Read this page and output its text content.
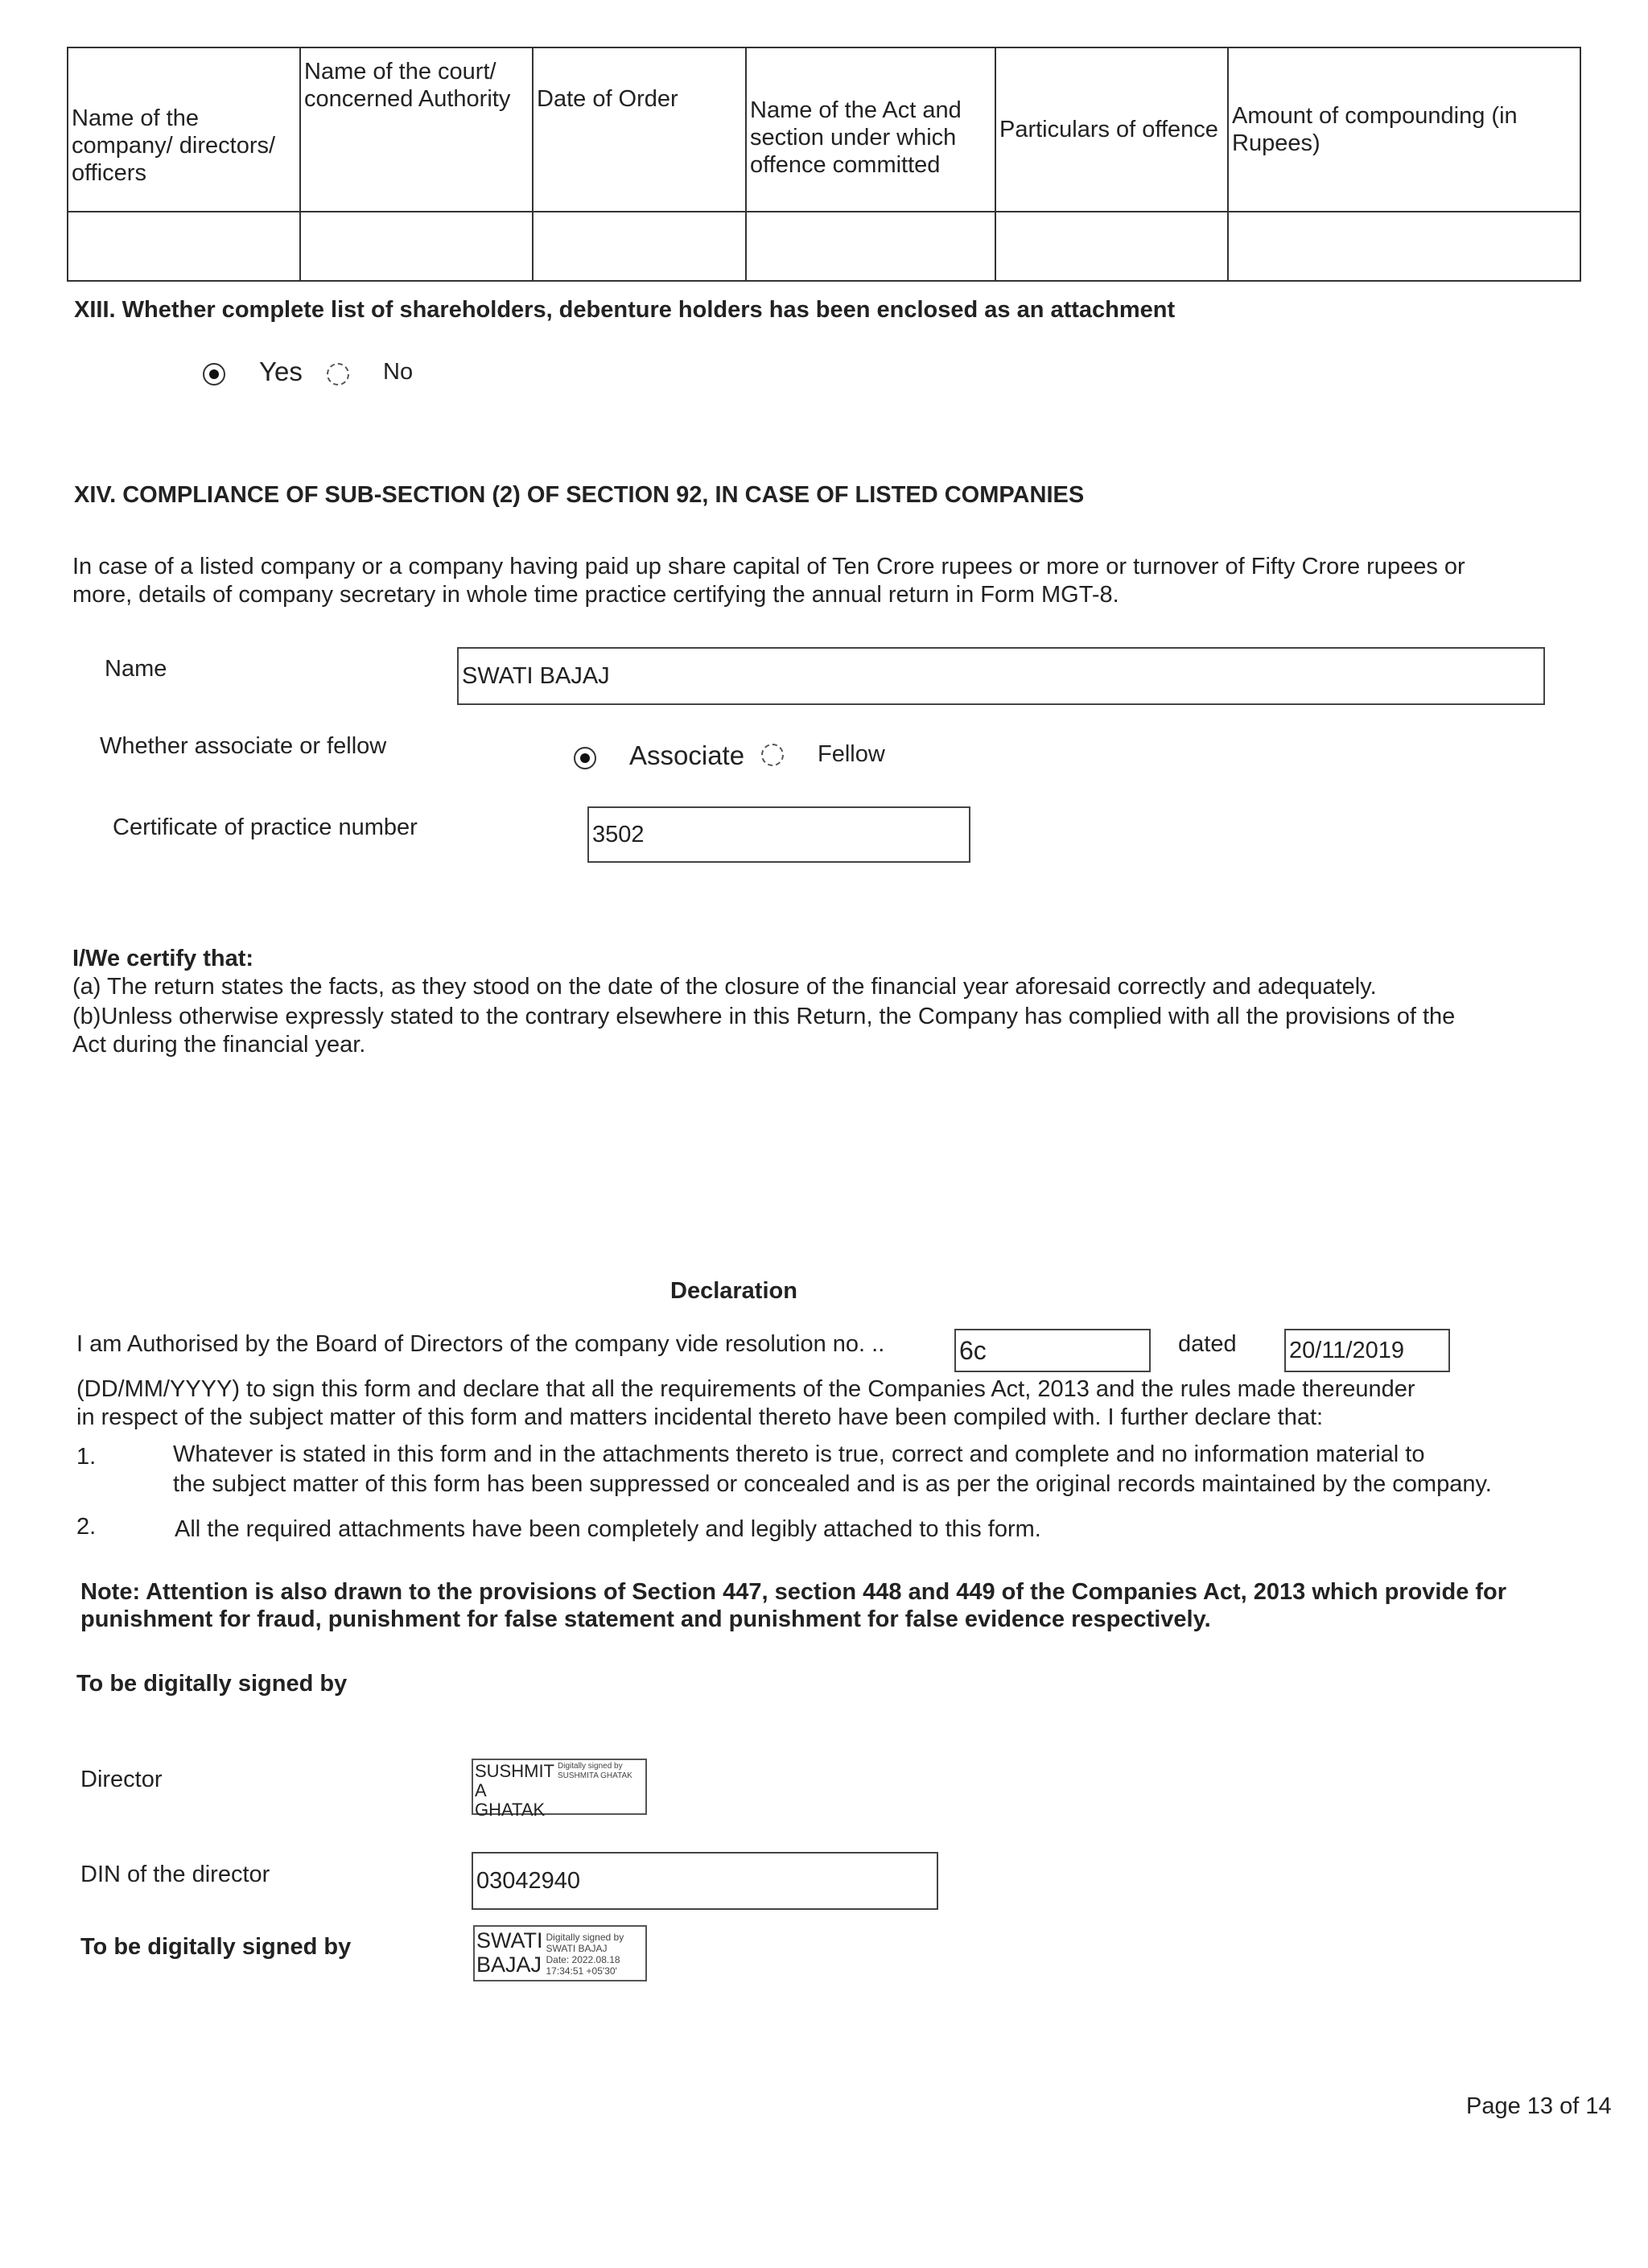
Name of the company/ directors/ officers	Name of the court/ concerned Authority	Date of Order	Name of the Act and section under which offence committed	Particulars of offence	Amount of compounding (in Rupees)

XIII. Whether complete list of shareholders, debenture holders has been enclosed as an attachment
Yes	No
XIV. COMPLIANCE OF SUB-SECTION (2) OF SECTION 92, IN CASE OF LISTED COMPANIES
In case of a listed company or a company having paid up share capital of Ten Crore rupees or more or turnover of Fifty Crore rupees or
more, details of company secretary in whole time practice certifying the annual return in Form MGT-8.
Name	SWATI BAJAJ
Whether associate or fellow	Associate	Fellow
Certificate of practice number	3502
I/We certify that:
(a) The return states the facts, as they stood on the date of the closure of the financial year aforesaid correctly and adequately.
(b)Unless otherwise expressly stated to the contrary elsewhere in this Return, the Company has complied with all the provisions of the
Act during the financial year.
Declaration
I am Authorised by the Board of Directors of the company vide resolution no. ..	6c	dated 20/11/2019
(DD/MM/YYYY) to sign this form and declare that all the requirements of the Companies Act, 2013 and the rules made thereunder
in respect of the subject matter of this form and matters incidental thereto have been compiled with. I further declare that:
1.	Whatever is stated in this form and in the attachments thereto is true, correct and complete and no information material to
the subject matter of this form has been suppressed or concealed and is as per the original records maintained by the company.
2.	All the required attachments have been completely and legibly attached to this form.
Note: Attention is also drawn to the provisions of Section 447, section 448 and 449 of the Companies Act, 2013 which provide for
punishment for fraud, punishment for false statement and punishment for false evidence respectively.
To be digitally signed by
Director	SUSHMIT
A GHATAK
Digitally signed by SUSHMITA GHATAK
DIN of the director	03042940
To be digitally signed by	SWATI
BAJAJ
Digitally signed by
SWATI BAJAJ
Date: 2022.08.18
17:34:51 +05'30'
Page 13 of 14
